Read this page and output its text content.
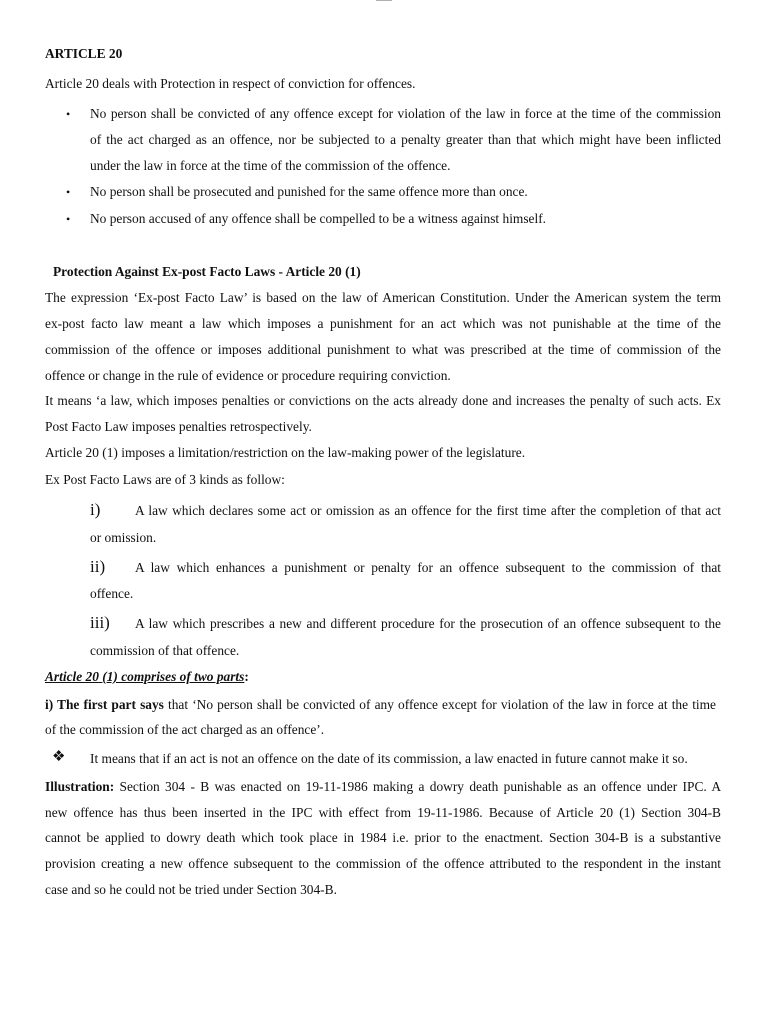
ARTICLE 20
Article 20 deals with Protection in respect of conviction for offences.
• No person shall be convicted of any offence except for violation of the law in force at the time of the commission
of the act charged as an offence, nor be subjected to a penalty greater than that which might have been inflicted
under the law in force at the time of the commission of the offence.
• No person shall be prosecuted and punished for the same offence more than once.
• No person accused of any offence shall be compelled to be a witness against himself.
Protection Against Ex-post Facto Laws - Article 20 (1)
The expression ‘Ex-post Facto Law’ is based on the law of American Constitution. Under the American system the term
ex-post facto law meant a law which imposes a punishment for an act which was not punishable at the time of the
commission of the offence or imposes additional punishment to what was prescribed at the time of commission of the
offence or change in the rule of evidence or procedure requiring conviction.
It means ‘a law, which imposes penalties or convictions on the acts already done and increases the penalty of such acts. Ex
Post Facto Law imposes penalties retrospectively.
Article 20 (1) imposes a limitation/restriction on the law-making power of the legislature.
Ex Post Facto Laws are of 3 kinds as follow:
i)	A law which declares some act or omission as an offence for the first time after the completion of that act
or omission.
ii) A law which enhances a punishment or penalty for an offence subsequent to the commission of that
offence.
iii) A law which prescribes a new and different procedure for the prosecution of an offence subsequent to the
commission of that offence.
Article 20 (1) comprises of two parts:
i) The first part says that ‘No person shall be convicted of any offence except for violation of the law in force at the time
of the commission of the act charged as an offence’.
❖ It means that if an act is not an offence on the date of its commission, a law enacted in future cannot make it so.
Illustration: Section 304 - B was enacted on 19-11-1986 making a dowry death punishable as an offence under IPC. A
new offence has thus been inserted in the IPC with effect from 19-11-1986. Because of Article 20 (1) Section 304-B
cannot be applied to dowry death which took place in 1984 i.e. prior to the enactment. Section 304-B is a substantive
provision creating a new offence subsequent to the commission of the offence attributed to the respondent in the instant
case and so he could not be tried under Section 304-B.
